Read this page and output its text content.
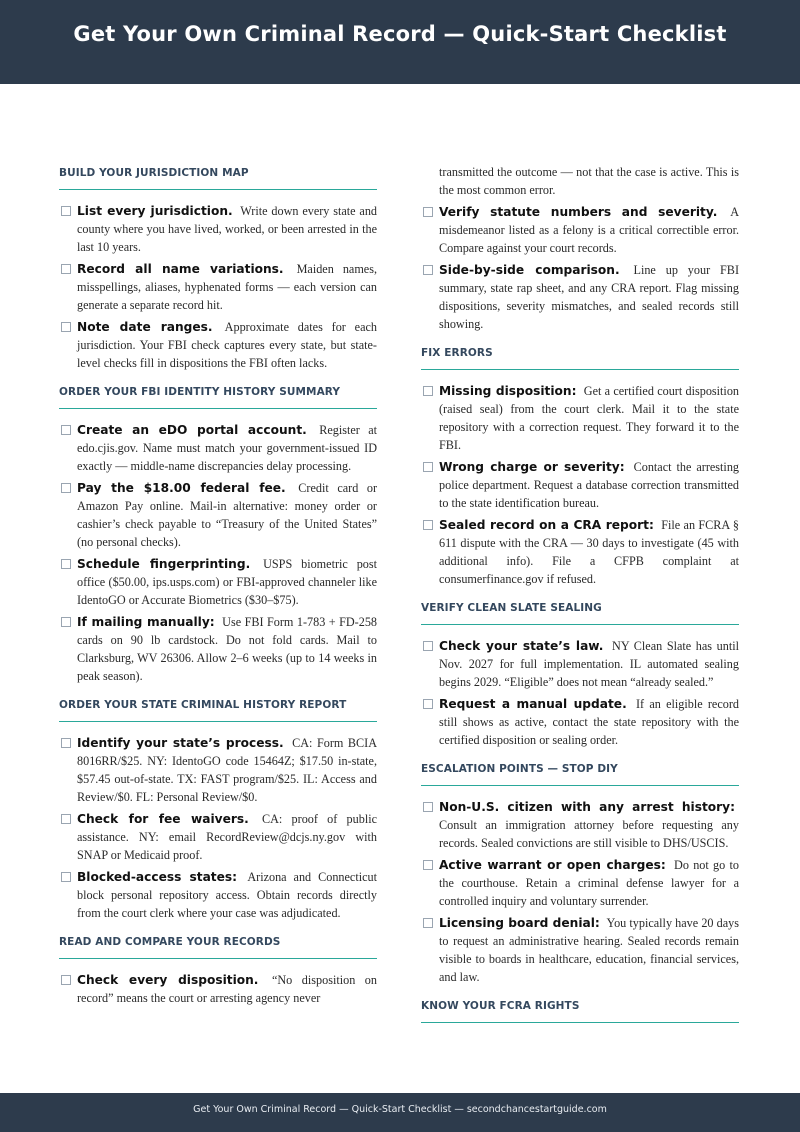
Get Your Own Criminal Record — Quick-Start Checklist
BUILD YOUR JURISDICTION MAP
List every jurisdiction. Write down every state and county where you have lived, worked, or been arrested in the last 10 years.
Record all name variations. Maiden names, misspellings, aliases, hyphenated forms — each version can generate a separate record hit.
Note date ranges. Approximate dates for each jurisdiction. Your FBI check captures every state, but state-level checks fill in dispositions the FBI often lacks.
ORDER YOUR FBI IDENTITY HISTORY SUMMARY
Create an eDO portal account. Register at edo.cjis.gov. Name must match your government-issued ID exactly — middle-name discrepancies delay processing.
Pay the $18.00 federal fee. Credit card or Amazon Pay online. Mail-in alternative: money order or cashier’s check payable to “Treasury of the United States” (no personal checks).
Schedule fingerprinting. USPS biometric post office ($50.00, ips.usps.com) or FBI-approved channeler like IdentoGO or Accurate Biometrics ($30–$75).
If mailing manually: Use FBI Form 1-783 + FD-258 cards on 90 lb cardstock. Do not fold cards. Mail to Clarksburg, WV 26306. Allow 2–6 weeks (up to 14 weeks in peak season).
ORDER YOUR STATE CRIMINAL HISTORY REPORT
Identify your state’s process. CA: Form BCIA 8016RR/$25. NY: IdentoGO code 15464Z; $17.50 in-state, $57.45 out-of-state. TX: FAST program/$25. IL: Access and Review/$0. FL: Personal Review/$0.
Check for fee waivers. CA: proof of public assistance. NY: email RecordReview@dcjs.ny.gov with SNAP or Medicaid proof.
Blocked-access states: Arizona and Connecticut block personal repository access. Obtain records directly from the court clerk where your case was adjudicated.
READ AND COMPARE YOUR RECORDS
Check every disposition. “No disposition on record” means the court or arresting agency never
transmitted the outcome — not that the case is active. This is the most common error.
Verify statute numbers and severity. A misdemeanor listed as a felony is a critical correctible error. Compare against your court records.
Side-by-side comparison. Line up your FBI summary, state rap sheet, and any CRA report. Flag missing dispositions, severity mismatches, and sealed records still showing.
FIX ERRORS
Missing disposition: Get a certified court disposition (raised seal) from the court clerk. Mail it to the state repository with a correction request. They forward it to the FBI.
Wrong charge or severity: Contact the arresting police department. Request a database correction transmitted to the state identification bureau.
Sealed record on a CRA report: File an FCRA § 611 dispute with the CRA — 30 days to investigate (45 with additional info). File a CFPB complaint at consumerfinance.gov if refused.
VERIFY CLEAN SLATE SEALING
Check your state’s law. NY Clean Slate has until Nov. 2027 for full implementation. IL automated sealing begins 2029. “Eligible” does not mean “already sealed.”
Request a manual update. If an eligible record still shows as active, contact the state repository with the certified disposition or sealing order.
ESCALATION POINTS — STOP DIY
Non-U.S. citizen with any arrest history: Consult an immigration attorney before requesting any records. Sealed convictions are still visible to DHS/USCIS.
Active warrant or open charges: Do not go to the courthouse. Retain a criminal defense lawyer for a controlled inquiry and voluntary surrender.
Licensing board denial: You typically have 20 days to request an administrative hearing. Sealed records remain visible to boards in healthcare, education, financial services, and law.
KNOW YOUR FCRA RIGHTS
Get Your Own Criminal Record — Quick-Start Checklist — secondchancestartguide.com
